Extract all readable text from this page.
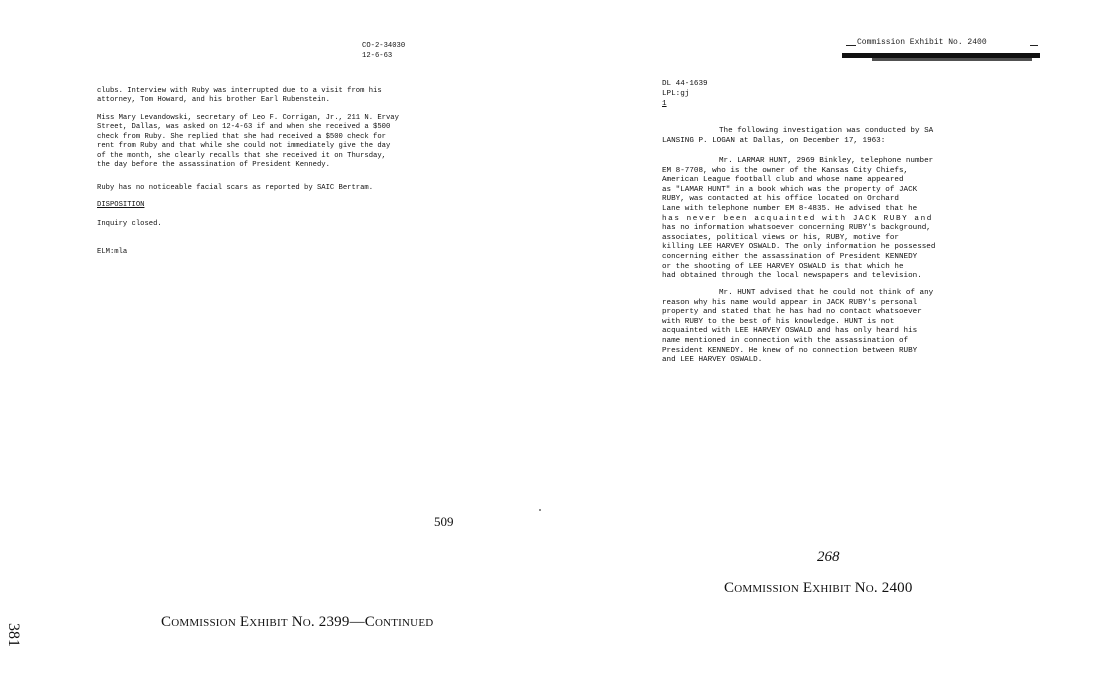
CO-2-34030
12-6-63
clubs. Interview with Ruby was interrupted due to a visit from his
attorney, Tom Howard, and his brother Earl Rubenstein.
Miss Mary Levandowski, secretary of Leo F. Corrigan, Jr., 211 N. Ervay
Street, Dallas, was asked on 12-4-63 if and when she received a $500
check from Ruby. She replied that she had received a $500 check for
rent from Ruby and that while she could not immediately give the day
of the month, she clearly recalls that she received it on Thursday,
the day before the assassination of President Kennedy.
Ruby has no noticeable facial scars as reported by SAIC Bertram.
DISPOSITION
Inquiry closed.
ELM:mla
509
Commission Exhibit No. 2399—Continued
381
Commission Exhibit No. 2400
DL 44-1639
LPL:gj
1
The following investigation was conducted by SA
LANSING P. LOGAN at Dallas, on December 17, 1963:
Mr. LARMAR HUNT, 2969 Binkley, telephone number
EM 8-7708, who is the owner of the Kansas City Chiefs,
American League football club and whose name appeared
as "LAMAR HUNT" in a book which was the property of JACK
RUBY, was contacted at his office located on Orchard
Lane with telephone number EM 8-4835. He advised that he
has never been acquainted with JACK RUBY and
has no information whatsoever concerning RUBY's background,
associates, political views or his, RUBY, motive for
killing LEE HARVEY OSWALD. The only information he possessed
concerning either the assassination of President KENNEDY
or the shooting of LEE HARVEY OSWALD is that which he
had obtained through the local newspapers and television.
Mr. HUNT advised that he could not think of any
reason why his name would appear in JACK RUBY's personal
property and stated that he has had no contact whatsoever
with RUBY to the best of his knowledge. HUNT is not
acquainted with LEE HARVEY OSWALD and has only heard his
name mentioned in connection with the assassination of
President KENNEDY. He knew of no connection between RUBY
and LEE HARVEY OSWALD.
268
Commission Exhibit No. 2400
